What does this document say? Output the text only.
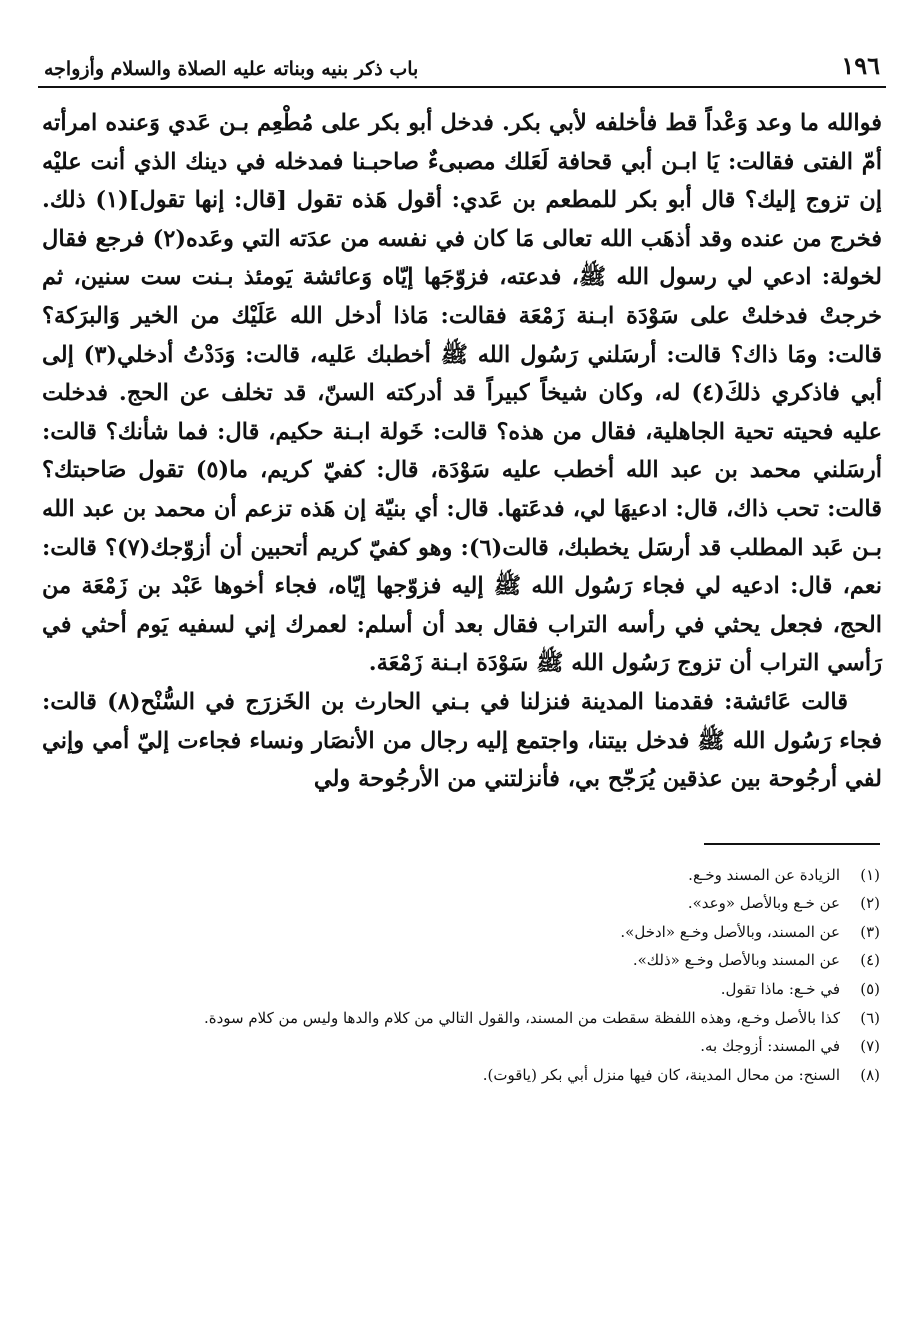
١٩٦
باب ذكر بنيه وبناته عليه الصلاة والسلام وأزواجه

فوالله ما وعد وَعْداً قط فأخلفه لأبي بكر. فدخل أبو بكر على مُطْعِم بـن عَدي وَعنده امرأته أمّ الفتى فقالت: يَا ابـن أبي قحافة لَعَلك مصبىءٌ صاحبـنا فمدخله في دينك الذي أنت عليْه إن تزوج إليك؟ قال أبو بكر للمطعم بن عَدي: أقول هَذه تقول [قال: إنها تقول](١) ذلك. فخرج من عنده وقد أذهَب الله تعالى مَا كان في نفسه من عدَته التي وعَده(٢) فرجع فقال لخولة: ادعي لي رسول الله ﷺ، فدعته، فزوّجَها إيّاه وَعائشة يَومئذ بـنت ست سنين، ثم خرجتْ فدخلتْ على سَوْدَة ابـنة زَمْعَة فقالت: مَاذا أدخل الله عَلَيْك من الخير وَالبرَكة؟ قالت: ومَا ذاك؟ قالت: أرسَلني رَسُول الله ﷺ أخطبك عَليه، قالت: وَدَدْتُ أدخلي(٣) إلى أبي فاذكري ذلكَ(٤) له، وكان شيخاً كبيراً قد أدركته السنّ، قد تخلف عن الحج. فدخلت عليه فحيته تحية الجاهلية، فقال من هذه؟ قالت: خَولة ابـنة حكيم، قال: فما شأنك؟ قالت: أرسَلني محمد بن عبد الله أخطب عليه سَوْدَة، قال: كفيّ كريم، ما(٥) تقول صَاحبتك؟ قالت: تحب ذاك، قال: ادعيهَا لي، فدعَتها. قال: أي بنيّة إن هَذه تزعم أن محمد بن عبد الله بـن عَبد المطلب قد أرسَل يخطبك، قالت(٦): وهو كفيّ كريم أتحبين أن أزوّجك(٧)؟ قالت: نعم، قال: ادعيه لي فجاء رَسُول الله ﷺ إليه فزوّجها إيّاه، فجاء أخوها عَبْد بن زَمْعَة من الحج، فجعل يحثي في رأسه التراب فقال بعد أن أسلم: لعمرك إني لسفيه يَوم أحثي في رَأسي التراب أن تزوج رَسُول الله ﷺ سَوْدَة ابـنة زَمْعَة.

قالت عَائشة: فقدمنا المدينة فنزلنا في بـني الحارث بن الخَزرَج في السُّنْح(٨) قالت: فجاء رَسُول الله ﷺ فدخل بيتنا، واجتمع إليه رجال من الأنصَار ونساء فجاءت إليّ أمي وإني لفي أرجُوحة بين عذقين يُرَجّح بي، فأنزلتني من الأرجُوحة ولي

(١)
الزيادة عن المسند وخـع.
(٢)
عن خـع وبالأصل «وعد».
(٣)
عن المسند، وبالأصل وخـع «ادخل».
(٤)
عن المسند وبالأصل وخـع «ذلك».
(٥)
في خـع: ماذا تقول.
(٦)
كذا بالأصل وخـع، وهذه اللفظة سقطت من المسند، والقول التالي من كلام والدها وليس من كلام سودة.
(٧)
في المسند: أزوجك به.
(٨)
السنح: من محال المدينة، كان فيها منزل أبي بكر (ياقوت).
